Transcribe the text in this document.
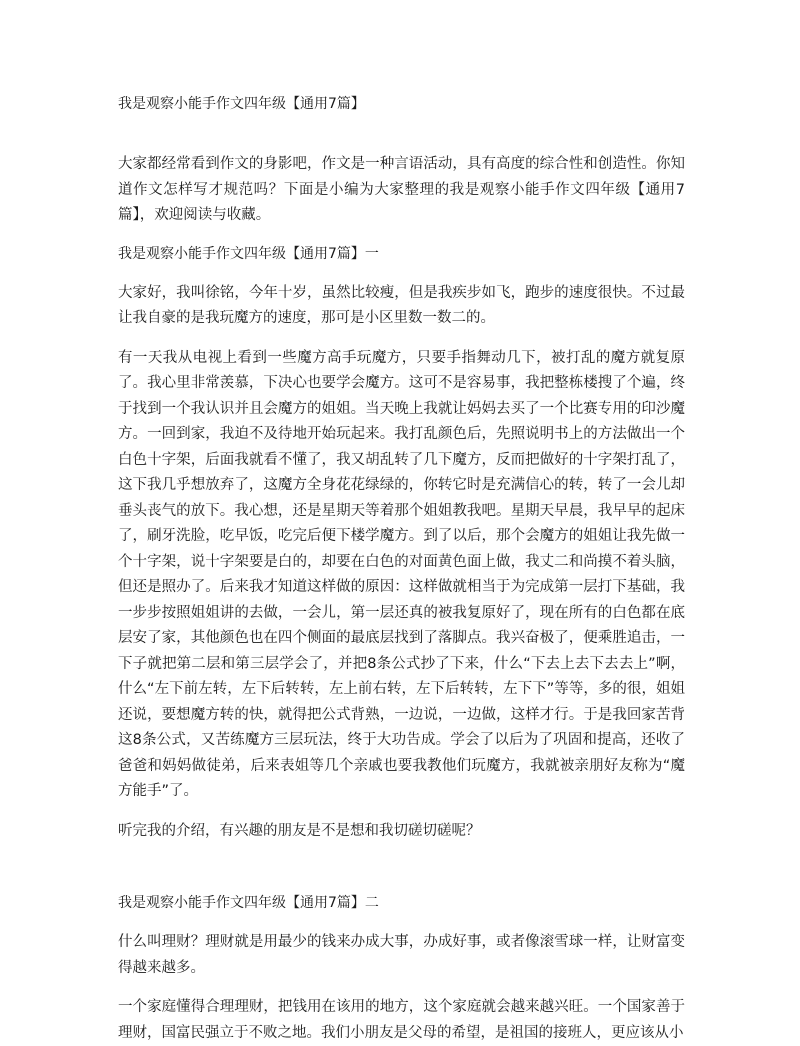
我是观察小能手作文四年级【通用7篇】

大家都经常看到作文的身影吧，作文是一种言语活动，具有高度的综合性和创造性。你知道作文怎样写才规范吗？下面是小编为大家整理的我是观察小能手作文四年级【通用7篇】，欢迎阅读与收藏。

我是观察小能手作文四年级【通用7篇】一

大家好，我叫徐铭，今年十岁，虽然比较瘦，但是我疾步如飞，跑步的速度很快。不过最让我自豪的是我玩魔方的速度，那可是小区里数一数二的。

有一天我从电视上看到一些魔方高手玩魔方，只要手指舞动几下，被打乱的魔方就复原了。我心里非常羡慕，下决心也要学会魔方。这可不是容易事，我把整栋楼搜了个遍，终于找到一个我认识并且会魔方的姐姐。当天晚上我就让妈妈去买了一个比赛专用的印沙魔方。一回到家，我迫不及待地开始玩起来。我打乱颜色后，先照说明书上的方法做出一个白色十字架，后面我就看不懂了，我又胡乱转了几下魔方，反而把做好的十字架打乱了，这下我几乎想放弃了，这魔方全身花花绿绿的，你转它时是充满信心的转，转了一会儿却垂头丧气的放下。我心想，还是星期天等着那个姐姐教我吧。星期天早晨，我早早的起床了，刷牙洗脸，吃早饭，吃完后便下楼学魔方。到了以后，那个会魔方的姐姐让我先做一个十字架，说十字架要是白的，却要在白色的对面黄色面上做，我丈二和尚摸不着头脑，但还是照办了。后来我才知道这样做的原因：这样做就相当于为完成第一层打下基础，我一步步按照姐姐讲的去做，一会儿，第一层还真的被我复原好了，现在所有的白色都在底层安了家，其他颜色也在四个侧面的最底层找到了落脚点。我兴奋极了，便乘胜追击，一下子就把第二层和第三层学会了，并把8条公式抄了下来，什么“下去上去下去去上”啊，什么“左下前左转，左下后转转，左上前右转，左下后转转，左下下”等等，多的很，姐姐还说，要想魔方转的快，就得把公式背熟，一边说，一边做，这样才行。于是我回家苦背这8条公式，又苦练魔方三层玩法，终于大功告成。学会了以后为了巩固和提高，还收了爸爸和妈妈做徒弟，后来表姐等几个亲戚也要我教他们玩魔方，我就被亲朋好友称为“魔方能手”了。

听完我的介绍，有兴趣的朋友是不是想和我切磋切磋呢？

我是观察小能手作文四年级【通用7篇】二

什么叫理财？理财就是用最少的钱来办成大事，办成好事，或者像滚雪球一样，让财富变得越来越多。

一个家庭懂得合理理财，把钱用在该用的地方，这个家庭就会越来越兴旺。一个国家善于理财，国富民强立于不败之地。我们小朋友是父母的希望，是祖国的接班人，更应该从小
